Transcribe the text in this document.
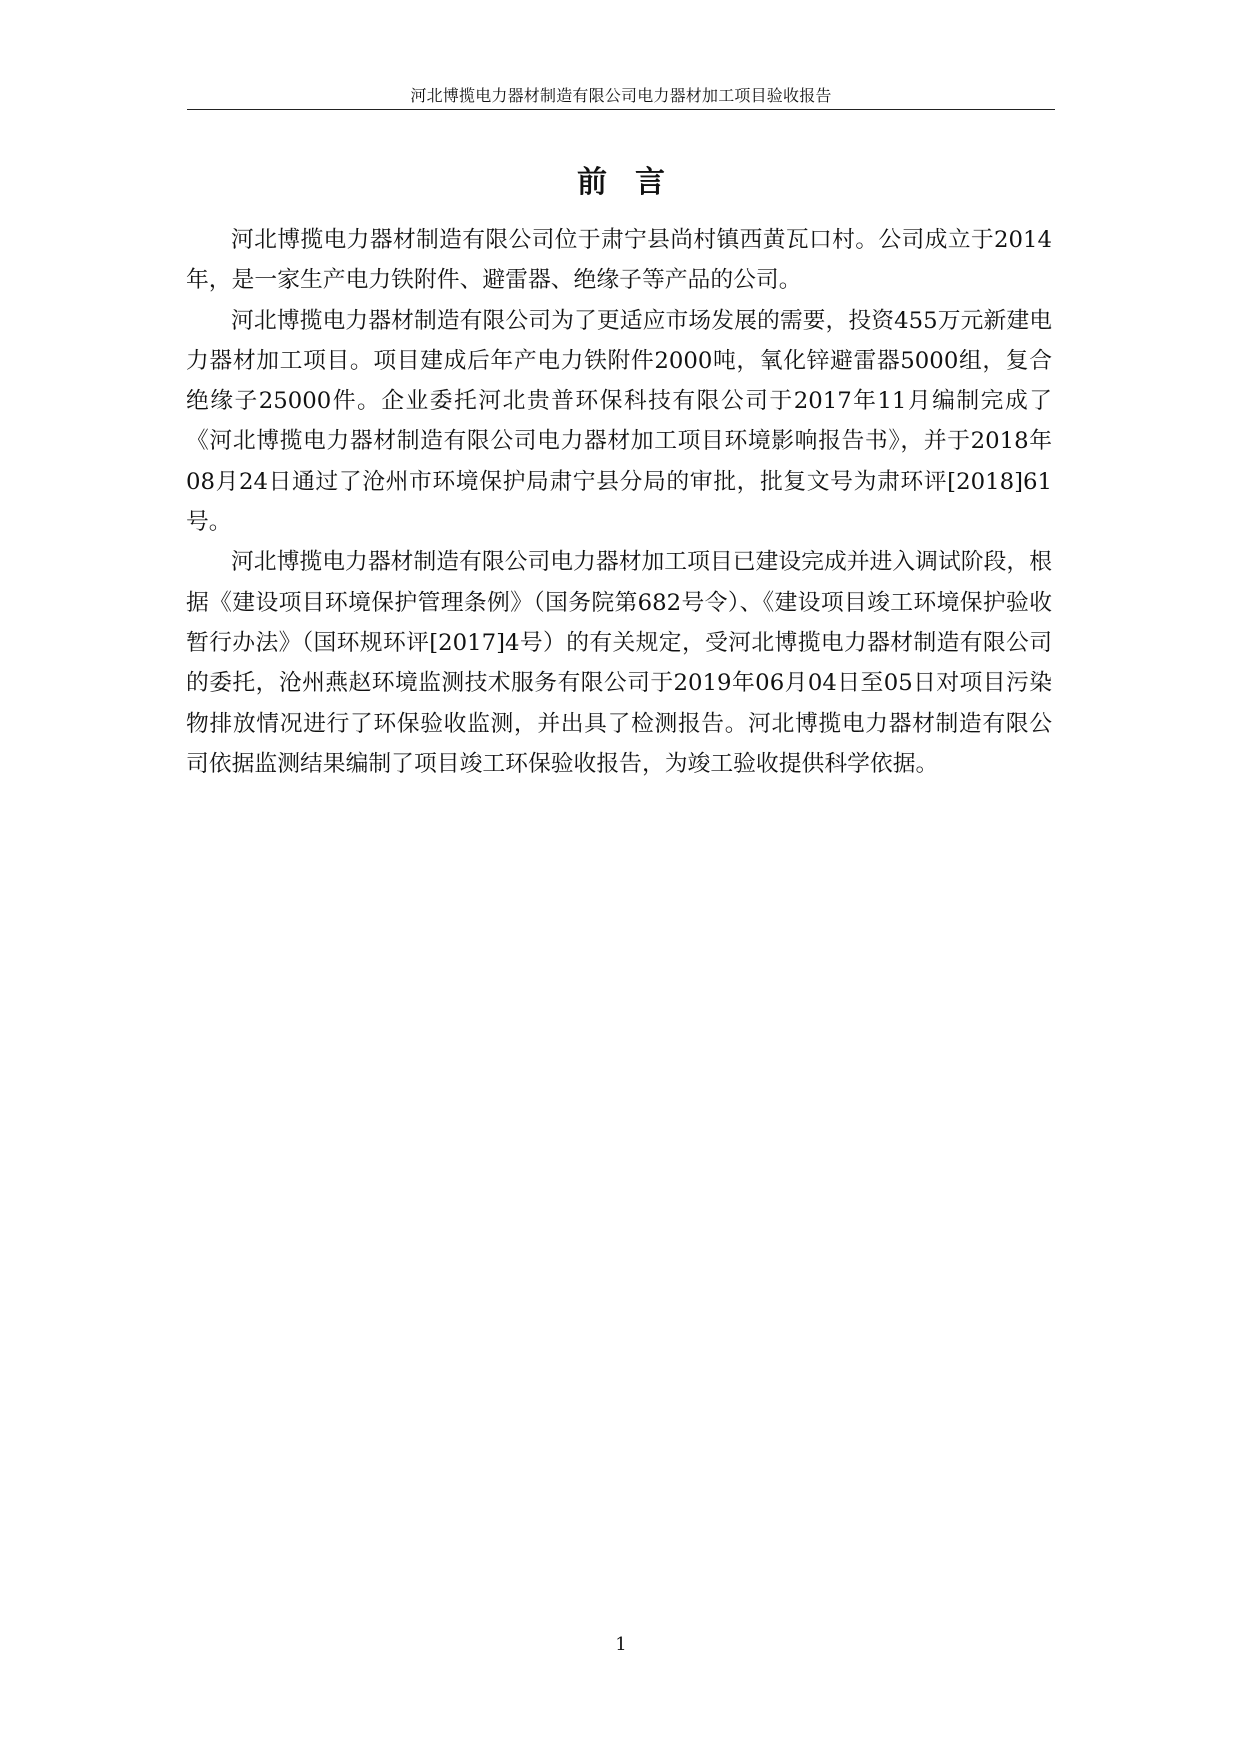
河北博揽电力器材制造有限公司电力器材加工项目验收报告
前言

河北博揽电力器材制造有限公司位于肃宁县尚村镇西黄瓦口村。公司成立于2014年，是一家生产电力铁附件、避雷器、绝缘子等产品的公司。

河北博揽电力器材制造有限公司为了更适应市场发展的需要，投资455万元新建电力器材加工项目。项目建成后年产电力铁附件2000吨，氧化锌避雷器5000组，复合绝缘子25000件。企业委托河北贵普环保科技有限公司于2017年11月编制完成了《河北博揽电力器材制造有限公司电力器材加工项目环境影响报告书》，并于2018年08月24日通过了沧州市环境保护局肃宁县分局的审批，批复文号为肃环评[2018]61号。

河北博揽电力器材制造有限公司电力器材加工项目已建设完成并进入调试阶段，根据《建设项目环境保护管理条例》（国务院第682号令）、《建设项目竣工环境保护验收暂行办法》（国环规环评[2017]4号）的有关规定，受河北博揽电力器材制造有限公司的委托，沧州燕赵环境监测技术服务有限公司于2019年06月04日至05日对项目污染物排放情况进行了环保验收监测，并出具了检测报告。河北博揽电力器材制造有限公司依据监测结果编制了项目竣工环保验收报告，为竣工验收提供科学依据。

1
